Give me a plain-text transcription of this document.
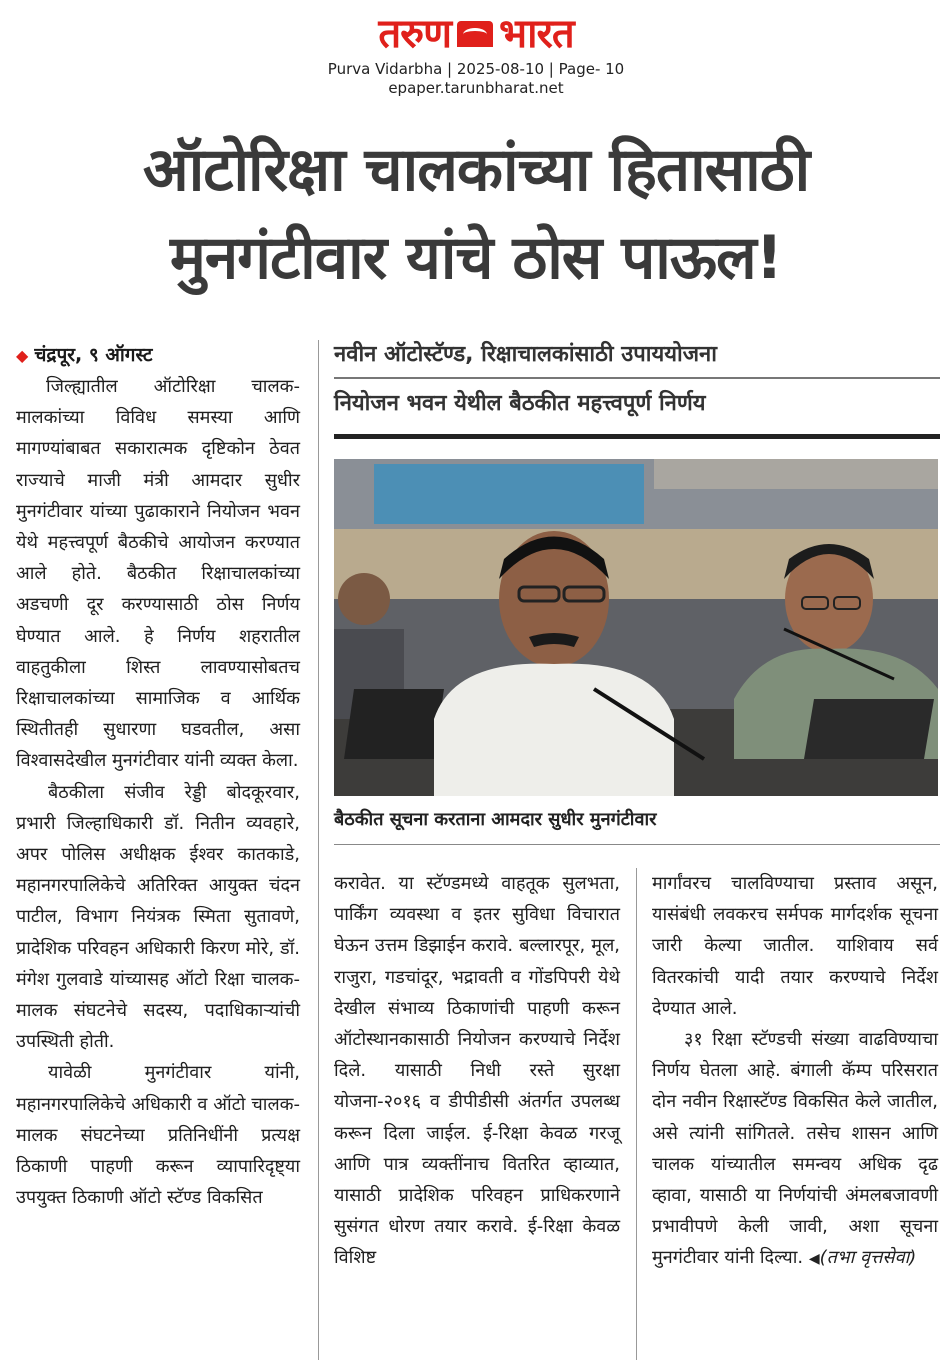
तरुण भारत
Purva Vidarbha | 2025-08-10 | Page- 10
epaper.tarunbharat.net
ऑटोरिक्षा चालकांच्या हितासाठी
मुनगंटीवार यांचे ठोस पाऊल!
◆ चंद्रपूर, ९ ऑगस्ट

जिल्ह्यातील ऑटोरिक्षा चालक-मालकांच्या विविध समस्या आणि मागण्यांबाबत सकारात्मक दृष्टिकोन ठेवत राज्याचे माजी मंत्री आमदार सुधीर मुनगंटीवार यांच्या पुढाकाराने नियोजन भवन येथे महत्त्वपूर्ण बैठकीचे आयोजन करण्यात आले होते. बैठकीत रिक्षाचालकांच्या अडचणी दूर करण्यासाठी ठोस निर्णय घेण्यात आले. हे निर्णय शहरातील वाहतुकीला शिस्त लावण्यासोबतच रिक्षाचालकांच्या सामाजिक व आर्थिक स्थितीतही सुधारणा घडवतील, असा विश्वासदेखील मुनगंटीवार यांनी व्यक्त केला.

बैठकीला संजीव रेड्डी बोदकूरवार, प्रभारी जिल्हाधिकारी डॉ. नितीन व्यवहारे, अपर पोलिस अधीक्षक ईश्वर कातकाडे, महानगरपालिकेचे अतिरिक्त आयुक्त चंदन पाटील, विभाग नियंत्रक स्मिता सुतावणे, प्रादेशिक परिवहन अधिकारी किरण मोरे, डॉ. मंगेश गुलवाडे यांच्यासह ऑटो रिक्षा चालक-मालक संघटनेचे सदस्य, पदाधिकाऱ्यांची उपस्थिती होती.

यावेळी मुनगंटीवार यांनी, महानगरपालिकेचे अधिकारी व ऑटो चालक-मालक संघटनेच्या प्रतिनिधींनी प्रत्यक्ष ठिकाणी पाहणी करून व्यापारिदृष्ट्या उपयुक्त ठिकाणी ऑटो स्टॅण्ड विकसित

नवीन ऑटोस्टॅण्ड, रिक्षाचालकांसाठी उपाययोजना
नियोजन भवन येथील बैठकीत महत्त्वपूर्ण निर्णय
बैठकीत सूचना करताना आमदार सुधीर मुनगंटीवार

करावेत. या स्टॅण्डमध्ये वाहतूक सुलभता, पार्किंग व्यवस्था व इतर सुविधा विचारात घेऊन उत्तम डिझाईन करावे. बल्लारपूर, मूल, राजुरा, गडचांदूर, भद्रावती व गोंडपिपरी येथे देखील संभाव्य ठिकाणांची पाहणी करून ऑटोस्थानकासाठी नियोजन करण्याचे निर्देश दिले. यासाठी निधी रस्ते सुरक्षा योजना-२०१६ व डीपीडीसी अंतर्गत उपलब्ध करून दिला जाईल. ई-रिक्षा केवळ गरजू आणि पात्र व्यक्तींनाच वितरित व्हाव्यात, यासाठी प्रादेशिक परिवहन प्राधिकरणाने सुसंगत धोरण तयार करावे. ई-रिक्षा केवळ विशिष्ट

मार्गांवरच चालविण्याचा प्रस्ताव असून, यासंबंधी लवकरच सर्मपक मार्गदर्शक सूचना जारी केल्या जातील. याशिवाय सर्व वितरकांची यादी तयार करण्याचे निर्देश देण्यात आले.

३१ रिक्षा स्टॅण्डची संख्या वाढविण्याचा निर्णय घेतला आहे. बंगाली कॅम्प परिसरात दोन नवीन रिक्षास्टॅण्ड विकसित केले जातील, असे त्यांनी सांगितले. तसेच शासन आणि चालक यांच्यातील समन्वय अधिक दृढ व्हावा, यासाठी या निर्णयांची अंमलबजावणी प्रभावीपणे केली जावी, अशा सूचना मुनगंटीवार यांनी दिल्या. ◀(तभा वृत्तसेवा)
